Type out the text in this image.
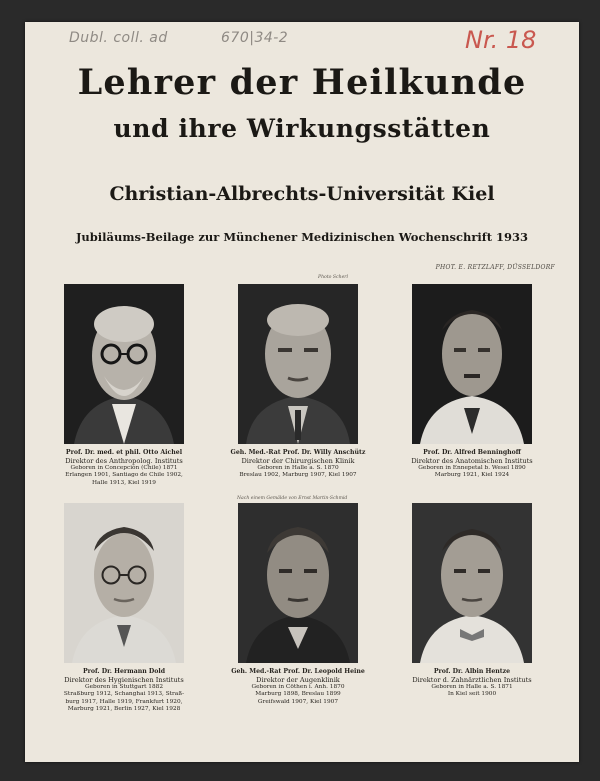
Dubl. coll. ad	670|34-2	Nr. 18
Lehrer der Heilkunde
und ihre Wirkungsstätten
Christian-Albrechts-Universität Kiel
Jubiläums-Beilage zur Münchener Medizinischen Wochenschrift 1933
PHOT. E. RETZLAFF, DÜSSELDORF
Photo Scherl
Nach einem Gemälde von Ernst Martin-Schmid
Prof. Dr. med. et phil. Otto Aichel
Direktor des Anthropolog. Instituts
Geboren in Concepción (Chile) 1871
Erlangen 1901, Santiago de Chile 1902,
Halle 1913, Kiel 1919
Geh. Med.-Rat Prof. Dr. Willy Anschütz
Direktor der Chirurgischen Klinik
Geboren in Halle a. S. 1870
Breslau 1902, Marburg 1907, Kiel 1907
Prof. Dr. Alfred Benninghoff
Direktor des Anatomischen Instituts
Geboren in Ennepetal b. Wesel 1890
Marburg 1921, Kiel 1924
Prof. Dr. Hermann Dold
Direktor des Hygienischen Instituts
Geboren in Stuttgart 1882
Straßburg 1912, Schanghai 1913, Straß-
burg 1917, Halle 1919, Frankfurt 1920,
Marburg 1921, Berlin 1927, Kiel 1928
Geh. Med.-Rat Prof. Dr. Leopold Heine
Direktor der Augenklinik
Geboren in Cöthen i. Anh. 1870
Marburg 1898, Breslau 1899
Greifswald 1907, Kiel 1907
Prof. Dr. Albin Hentze
Direktor d. Zahnärztlichen Instituts
Geboren in Halle a. S. 1871
In Kiel seit 1900
